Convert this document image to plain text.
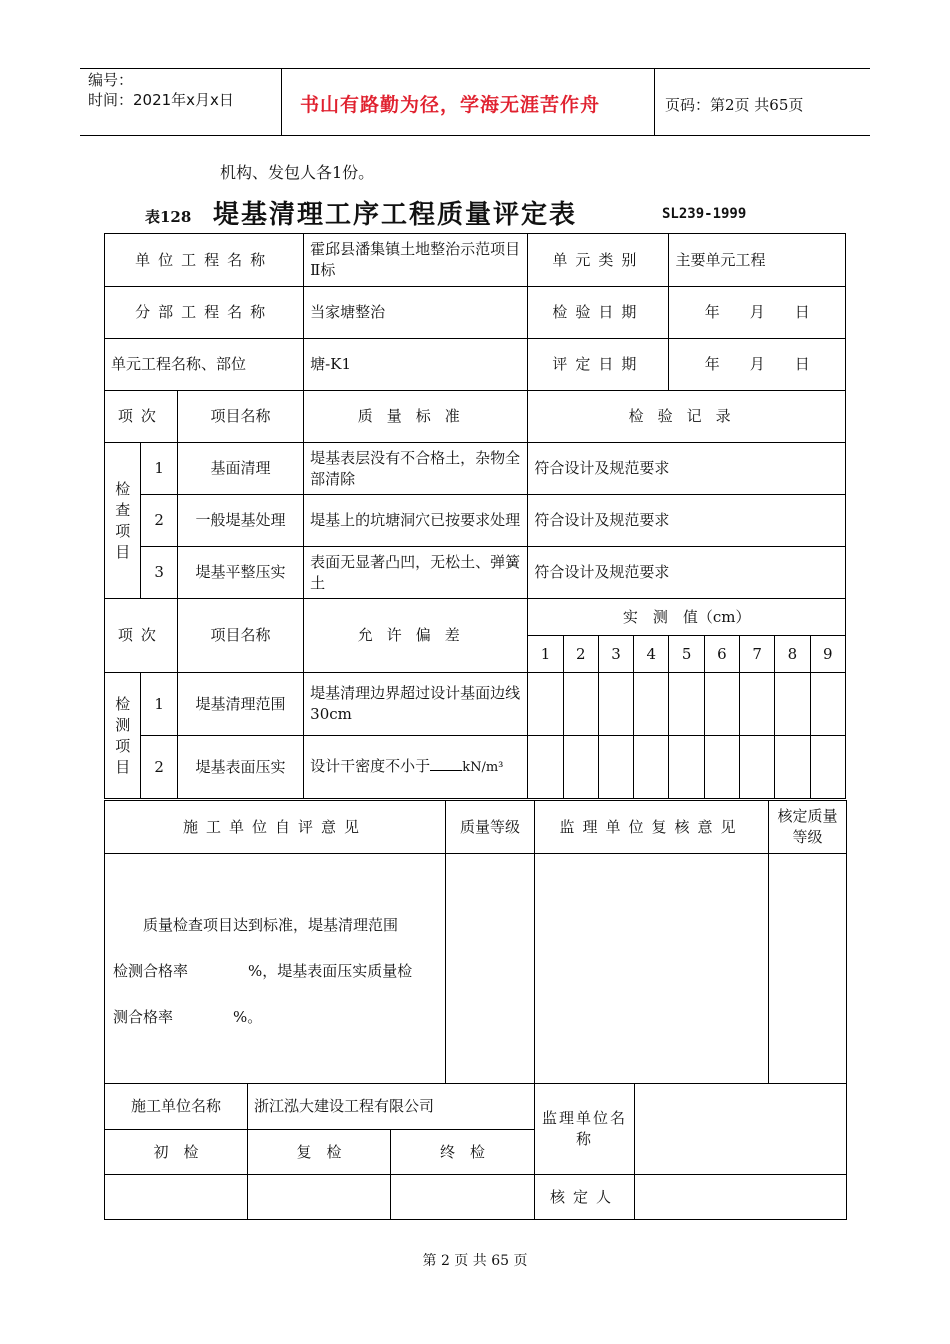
编号：
时间：2021年x月x日	书山有路勤为径，学海无涯苦作舟	页码：第2页 共65页
机构、发包人各1份。
表128 堤基清理工序工程质量评定表	SL239-1999
单位工程名称			霍邱县潘集镇土地整治示范项目Ⅱ标	单元类别				主要单元工程				
分部工程名称			当家塘整治	检验日期				年　　月　　日				
单元工程名称、部位			塘-K1	评定日期				年　　月　　日				
项次		项目名称	质量标准	检验记录								

检查项目	1	基面清理	堤基表层没有不合格土，杂物全部清除	符合设计及规范要求								
	2	一般堤基处理	堤基上的坑塘洞穴已按要求处理	符合设计及规范要求								
	3	堤基平整压实	表面无显著凸凹，无松土、弹簧土	符合设计及规范要求								
项次		项目名称	允许偏差	实　测　值（cm）								
				1	2	3	4	5	6	7	8	9

检测项目	1	堤基清理范围	堤基清理边界超过设计基面边线30cm									
	2	堤基表面压实	设计干密度不小于 kN/m³									
施工单位自评意见			质量等级	监理单位复核意见		核定质量等级

质量检查项目达到标准，堤基清理范围
检测合格率 %，堤基表面压实质量检
测合格率 %。						

施工单位名称	浙江泓大建设工程有限公司			监理单位名　称		
初　检	复　检	终　检				
				核定人		
第 2 页 共 65 页
